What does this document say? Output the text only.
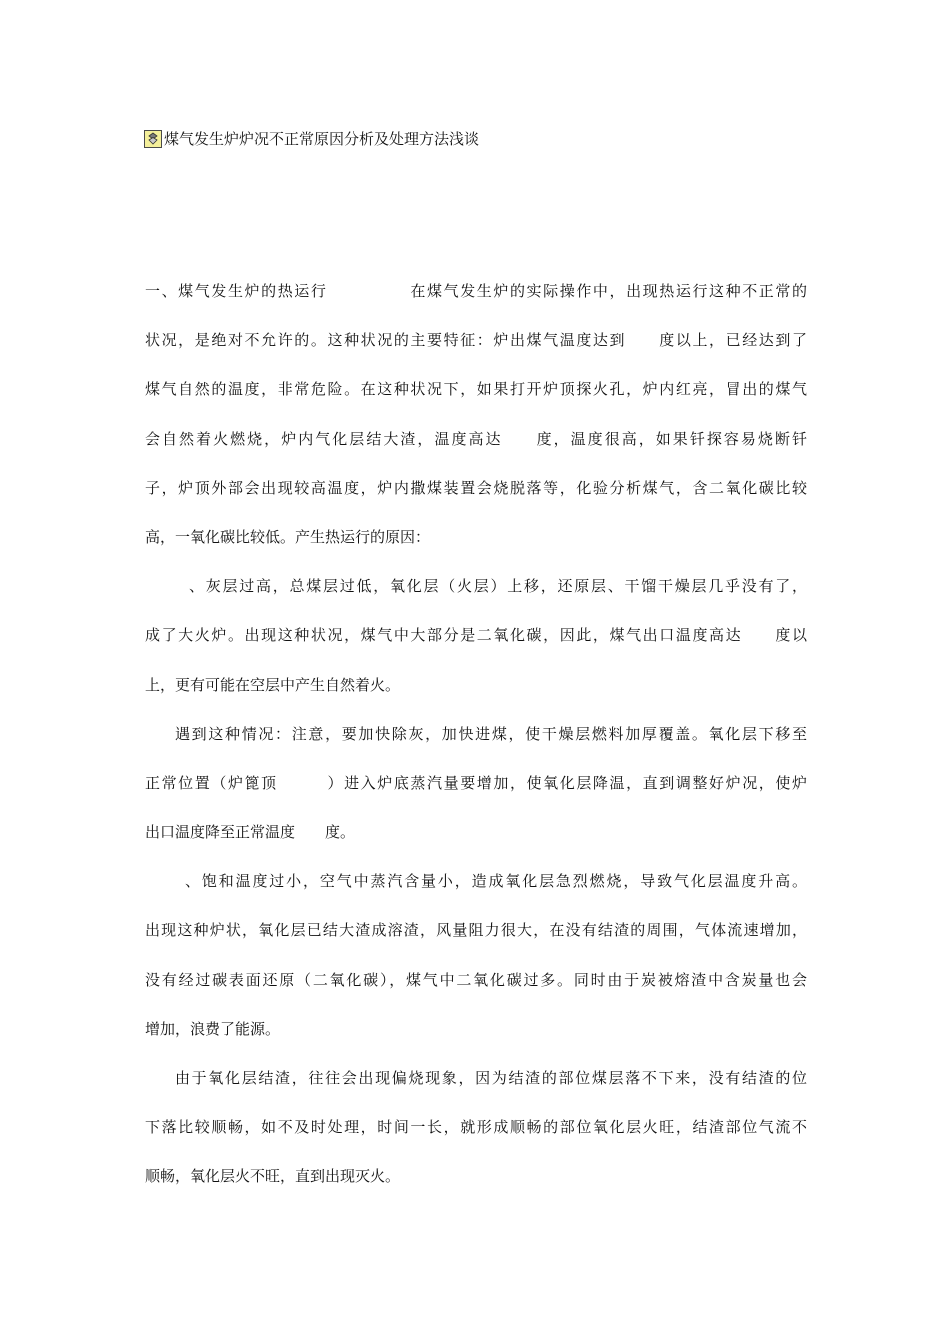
煤气发生炉炉况不正常原因分析及处理方法浅谈
一、煤气发生炉的热运行　　　　　在煤气发生炉的实际操作中，出现热运行这种不正常的
状况，是绝对不允许的。这种状况的主要特征：炉出煤气温度达到　　度以上，已经达到了
煤气自然的温度，非常危险。在这种状况下，如果打开炉顶探火孔，炉内红亮，冒出的煤气
会自然着火燃烧，炉内气化层结大渣，温度高达　　度，温度很高，如果钎探容易烧断钎
子，炉顶外部会出现较高温度，炉内撒煤装置会烧脱落等，化验分析煤气，含二氧化碳比较
高，一氧化碳比较低。产生热运行的原因：
、灰层过高，总煤层过低，氧化层（火层）上移，还原层、干馏干燥层几乎没有了，
成了大火炉。出现这种状况，煤气中大部分是二氧化碳，因此，煤气出口温度高达　　度以
上，更有可能在空层中产生自然着火。
遇到这种情况：注意，要加快除灰，加快进煤，使干燥层燃料加厚覆盖。氧化层下移至
正常位置（炉篦顶　　　）进入炉底蒸汽量要增加，使氧化层降温，直到调整好炉况，使炉
出口温度降至正常温度　　度。
、饱和温度过小，空气中蒸汽含量小，造成氧化层急烈燃烧，导致气化层温度升高。
出现这种炉状，氧化层已结大渣成溶渣，风量阻力很大，在没有结渣的周围，气体流速增加，
没有经过碳表面还原（二氧化碳），煤气中二氧化碳过多。同时由于炭被熔渣中含炭量也会
增加，浪费了能源。
由于氧化层结渣，往往会出现偏烧现象，因为结渣的部位煤层落不下来，没有结渣的位
下落比较顺畅，如不及时处理，时间一长，就形成顺畅的部位氧化层火旺，结渣部位气流不
顺畅，氧化层火不旺，直到出现灭火。
